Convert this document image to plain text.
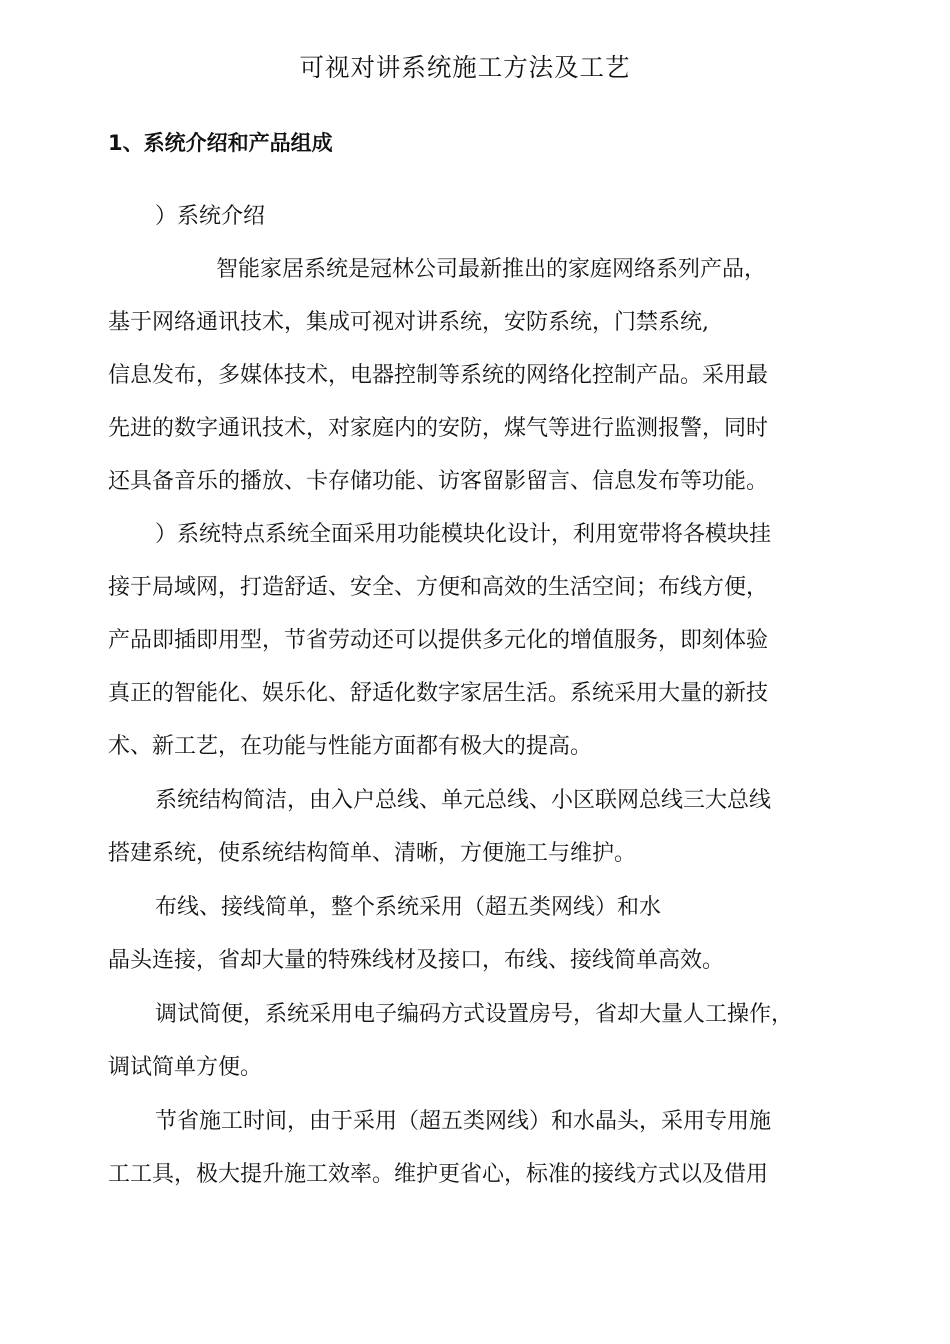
可视对讲系统施工方法及工艺
1、系统介绍和产品组成
）系统介绍
智能家居系统是冠林公司最新推出的家庭网络系列产品，
基于网络通讯技术，集成可视对讲系统，安防系统，门禁系统,
信息发布，多媒体技术，电器控制等系统的网络化控制产品。采用最
先进的数字通讯技术，对家庭内的安防，煤气等进行监测报警，同时
还具备音乐的播放、卡存储功能、访客留影留言、信息发布等功能。
）系统特点系统全面采用功能模块化设计，利用宽带将各模块挂
接于局域网，打造舒适、安全、方便和高效的生活空间；布线方便，
产品即插即用型，节省劳动还可以提供多元化的增值服务，即刻体验
真正的智能化、娱乐化、舒适化数字家居生活。系统采用大量的新技
术、新工艺，在功能与性能方面都有极大的提高。
系统结构简洁，由入户总线、单元总线、小区联网总线三大总线
搭建系统，使系统结构简单、清晰，方便施工与维护。
布线、接线简单，整个系统采用（超五类网线）和水
晶头连接，省却大量的特殊线材及接口，布线、接线简单高效。
调试简便，系统采用电子编码方式设置房号，省却大量人工操作，
调试简单方便。
节省施工时间，由于采用（超五类网线）和水晶头，采用专用施
工工具，极大提升施工效率。维护更省心，标准的接线方式以及借用
